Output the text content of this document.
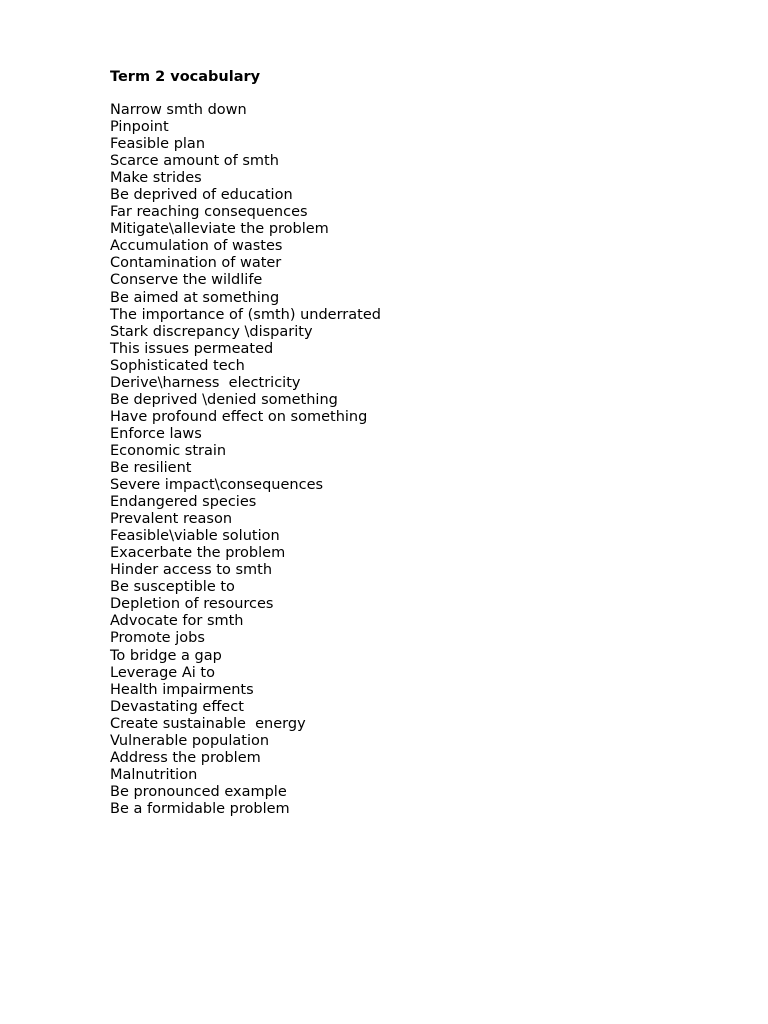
Term 2 vocabulary
Narrow smth down
Pinpoint
Feasible plan
Scarce amount of smth
Make strides
Be deprived of education
Far reaching consequences
Mitigate\alleviate the problem
Accumulation of wastes
Contamination of water
Conserve the wildlife
Be aimed at something
The importance of (smth) underrated
Stark discrepancy \disparity
This issues permeated
Sophisticated tech
Derive\harness  electricity
Be deprived \denied something
Have profound effect on something
Enforce laws
Economic strain
Be resilient
Severe impact\consequences
Endangered species
Prevalent reason
Feasible\viable solution
Exacerbate the problem
Hinder access to smth
Be susceptible to
Depletion of resources
Advocate for smth
Promote jobs
To bridge a gap
Leverage Ai to
Health impairments
Devastating effect
Create sustainable  energy
Vulnerable population
Address the problem
Malnutrition
Be pronounced example
Be a formidable problem
